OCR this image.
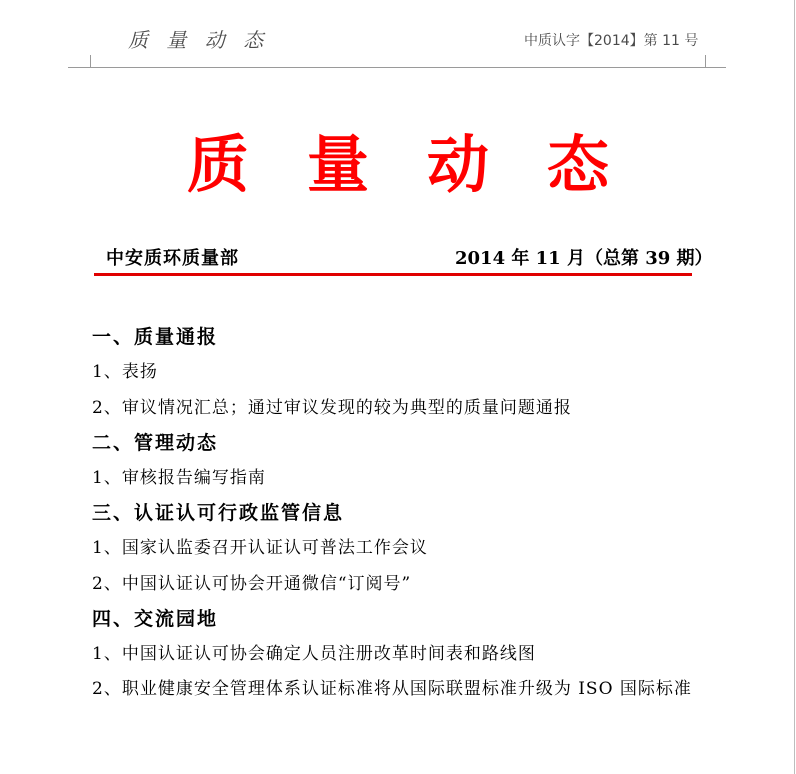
质 量 动 态	中质认字【2014】第 11 号
质量动态
中安质环质量部	2014 年 11 月（总第 39 期）
一、质量通报
1、表扬
2、审议情况汇总；通过审议发现的较为典型的质量问题通报
二、管理动态
1、审核报告编写指南
三、认证认可行政监管信息
1、国家认监委召开认证认可普法工作会议
2、中国认证认可协会开通微信“订阅号”
四、交流园地
1、中国认证认可协会确定人员注册改革时间表和路线图
2、职业健康安全管理体系认证标准将从国际联盟标准升级为 ISO 国际标准
